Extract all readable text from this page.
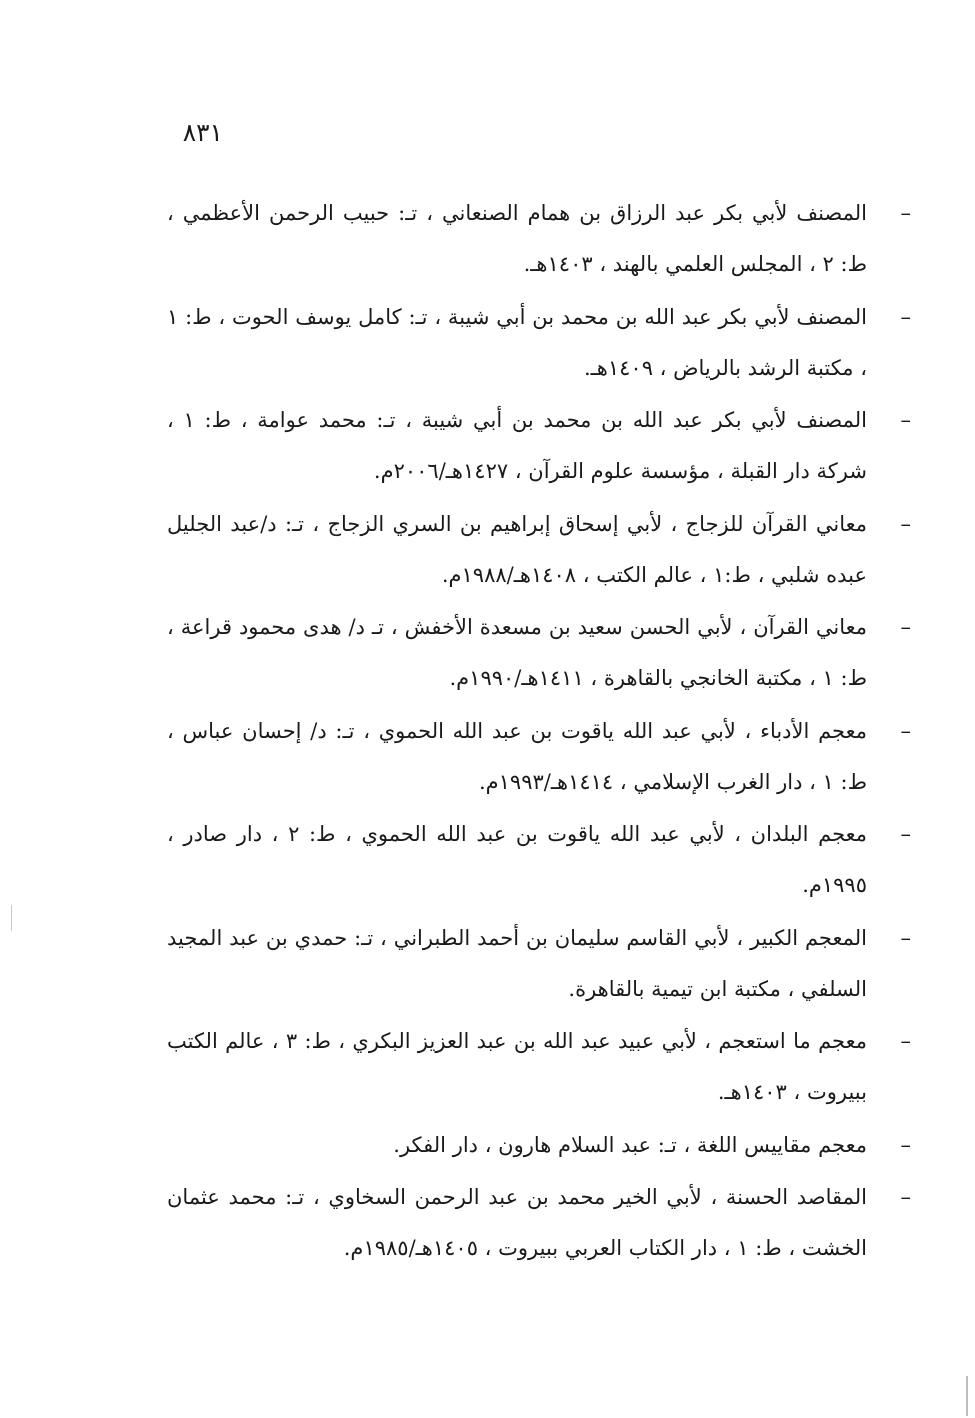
٨٣١
–
المصنف لأبي بكر عبد الرزاق بن همام الصنعاني ، تـ: حبيب الرحمن الأعظمي ، ط: ٢ ، المجلس العلمي بالهند ، ١٤٠٣هـ.
–
المصنف لأبي بكر عبد الله بن محمد بن أبي شيبة ، تـ: كامل يوسف الحوت ، ط: ١ ، مكتبة الرشد بالرياض ، ١٤٠٩هـ.
–
المصنف لأبي بكر عبد الله بن محمد بن أبي شيبة ، تـ: محمد عوامة ، ط: ١ ، شركة دار القبلة ، مؤسسة علوم القرآن ، ١٤٢٧هـ/٢٠٠٦م.
–
معاني القرآن للزجاج ، لأبي إسحاق إبراهيم بن السري الزجاج ، تـ: د/عبد الجليل عبده شلبي ، ط:١ ، عالم الكتب ، ١٤٠٨هـ/١٩٨٨م.
–
معاني القرآن ، لأبي الحسن سعيد بن مسعدة الأخفش ، تـ د/ هدى محمود قراعة ، ط: ١ ، مكتبة الخانجي بالقاهرة ، ١٤١١هـ/١٩٩٠م.
–
معجم الأدباء ، لأبي عبد الله ياقوت بن عبد الله الحموي ، تـ: د/ إحسان عباس ، ط: ١ ، دار الغرب الإسلامي ، ١٤١٤هـ/١٩٩٣م.
–
معجم البلدان ، لأبي عبد الله ياقوت بن عبد الله الحموي ، ط: ٢ ، دار صادر ، ١٩٩٥م.
–
المعجم الكبير ، لأبي القاسم سليمان بن أحمد الطبراني ، تـ: حمدي بن عبد المجيد السلفي ، مكتبة ابن تيمية بالقاهرة.
–
معجم ما استعجم ، لأبي عبيد عبد الله بن عبد العزيز البكري ، ط: ٣ ، عالم الكتب ببيروت ، ١٤٠٣هـ.
–
معجم مقاييس اللغة ، تـ: عبد السلام هارون ، دار الفكر.
–
المقاصد الحسنة ، لأبي الخير محمد بن عبد الرحمن السخاوي ، تـ: محمد عثمان الخشت ، ط: ١ ، دار الكتاب العربي ببيروت ، ١٤٠٥هـ/١٩٨٥م.
